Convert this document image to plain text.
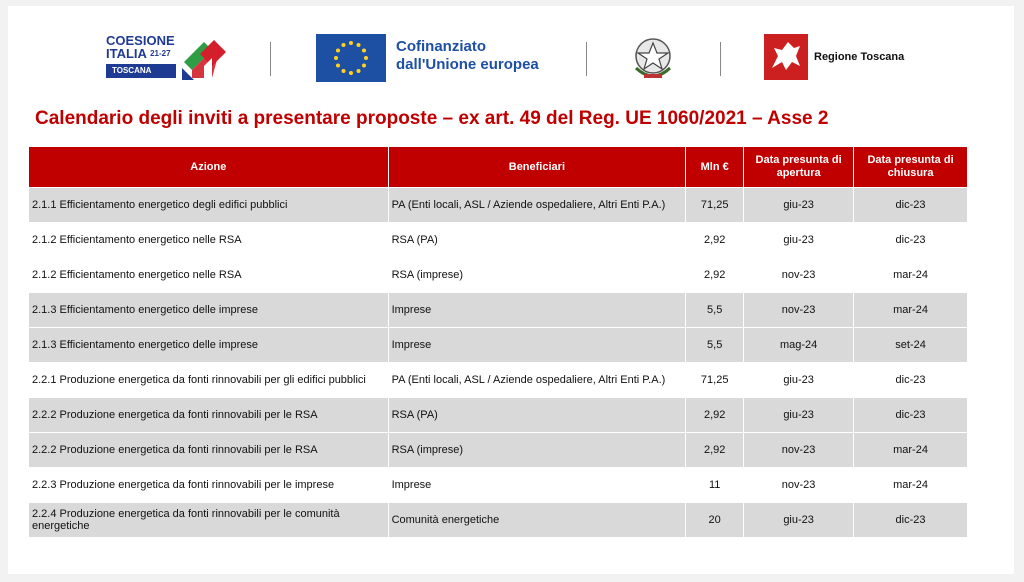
COESIONE
ITALIA $^{21-27}$
TOSCANA
Cofinanziato
dall'Unione europea	Regione Toscana
Calendario degli inviti a presentare proposte – ex art. 49 del Reg. UE 1060/2021 – Asse 2
Azione	Beneficiari	Mln €	Data presunta di apertura	Data presunta di chiusura
2.1.1 Efficientamento energetico degli edifici pubblici	PA (Enti locali, ASL / Aziende ospedaliere, Altri Enti P.A.)	71,25	giu-23	dic-23
2.1.2 Efficientamento energetico nelle RSA	RSA (PA)	2,92	giu-23	dic-23
2.1.2 Efficientamento energetico nelle RSA	RSA (imprese)	2,92	nov-23	mar-24
2.1.3 Efficientamento energetico delle imprese	Imprese	5,5	nov-23	mar-24
2.1.3 Efficientamento energetico delle imprese	Imprese	5,5	mag-24	set-24
2.2.1 Produzione energetica da fonti rinnovabili per gli edifici pubblici	PA (Enti locali, ASL / Aziende ospedaliere, Altri Enti P.A.)	71,25	giu-23	dic-23
2.2.2 Produzione energetica da fonti rinnovabili per le RSA	RSA (PA)	2,92	giu-23	dic-23
2.2.2 Produzione energetica da fonti rinnovabili per le RSA	RSA (imprese)	2,92	nov-23	mar-24
2.2.3 Produzione energetica da fonti rinnovabili per le imprese	Imprese	11	nov-23	mar-24
2.2.4 Produzione energetica da fonti rinnovabili per le comunità energetiche	Comunità energetiche	20	giu-23	dic-23
